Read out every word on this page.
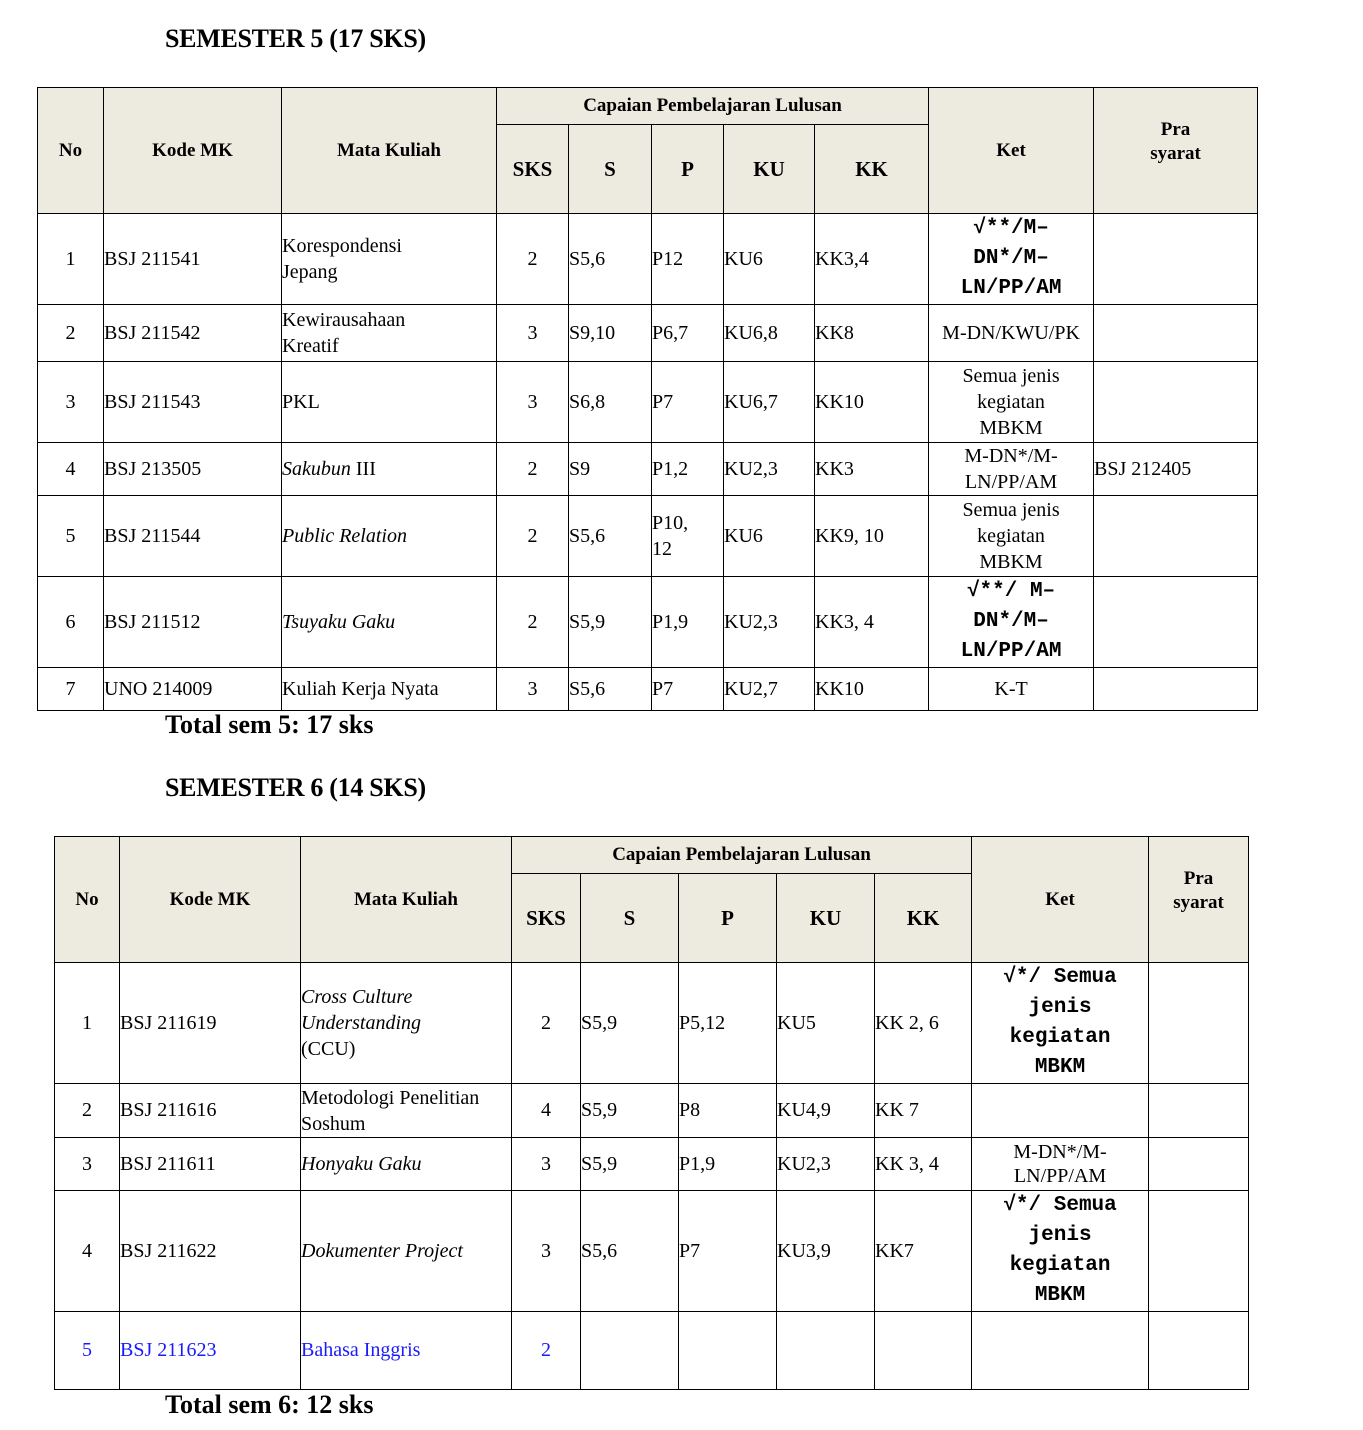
SEMESTER 5 (17 SKS)
No	Kode MK	Mata Kuliah	Capaian Pembelajaran Lulusan					Ket	Pra
syarat

			SKS	S	P	KU	KK		
1	BSJ 211541	Korespondensi Jepang	2	S5,6	P12	KU6	KK3,4	√**/M–DN*/M–LN/PP/AM	
2	BSJ 211542	Kewirausahaan Kreatif	3	S9,10	P6,7	KU6,8	KK8	M-DN/KWU/PK	
3	BSJ 211543	PKL	3	S6,8	P7	KU6,7	KK10	Semua jenis kegiatan MBKM	
4	BSJ 213505	Sakubun III	2	S9	P1,2	KU2,3	KK3	M-DN*/M-LN/PP/AM	BSJ 212405
5	BSJ 211544	Public Relation	2	S5,6	P10, 12	KU6	KK9, 10	Semua jenis kegiatan MBKM	
6	BSJ 211512	Tsuyaku Gaku	2	S5,9	P1,9	KU2,3	KK3, 4	√**/ M–DN*/M–LN/PP/AM	
7	UNO 214009	Kuliah Kerja Nyata	3	S5,6	P7	KU2,7	KK10	K-T	
Total sem 5: 17 sks
SEMESTER 6 (14 SKS)
No	Kode MK	Mata Kuliah	Capaian Pembelajaran Lulusan					Ket	Pra
syarat

			SKS	S	P	KU	KK		
1	BSJ 211619	Cross Culture Understanding
(CCU)	2	S5,9	P5,12	KU5	KK 2, 6	√*/ Semua jenis kegiatan MBKM	
2	BSJ 211616	Metodologi Penelitian Soshum	4	S5,9	P8	KU4,9	KK 7		
3	BSJ 211611	Honyaku Gaku	3	S5,9	P1,9	KU2,3	KK 3, 4	M-DN*/M-LN/PP/AM	
4	BSJ 211622	Dokumenter Project	3	S5,6	P7	KU3,9	KK7	√*/ Semua jenis kegiatan MBKM	
5	BSJ 211623	Bahasa Inggris	2						
Total sem 6: 12 sks
